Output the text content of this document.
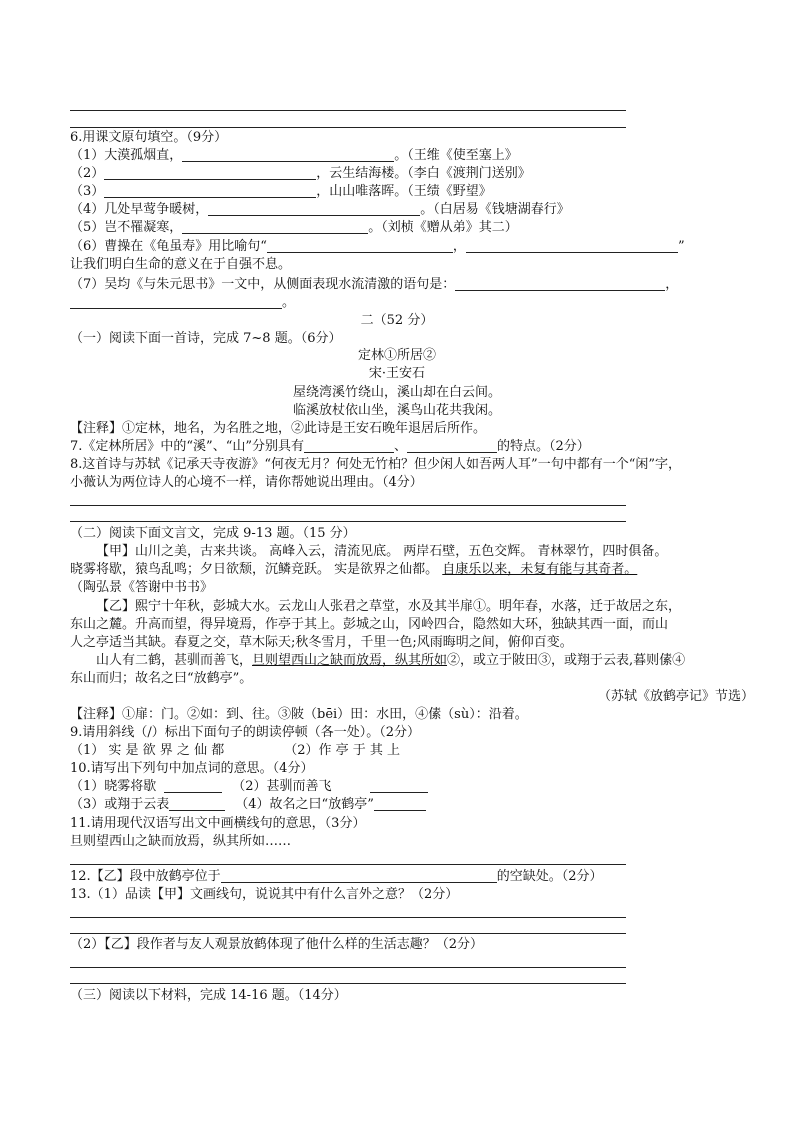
6.用课文原句填空。（9分）
（1）大漠孤烟直，	。（王维《使至塞上》
（2）	，云生结海楼。（李白《渡荆门送别》
（3）	，山山唯落晖。（王绩《野望》
（4）几处早莺争暖树，	。（白居易《钱塘湖春行》
（5）岂不罹凝寒，	。（刘桢《赠从弟》其二）
（6）曹操在《龟虽寿》用比喻句“	，	”
让我们明白生命的意义在于自强不息。
（7）吴均《与朱元思书》一文中，从侧面表现水流清激的语句是：	，
。
二（52 分）
（一）阅读下面一首诗，完成 7~8 题。（6分）
定林①所居②
宋·王安石
屋绕湾溪竹绕山，溪山却在白云间。
临溪放杖依山坐，溪鸟山花共我闲。
【注释】①定林，地名，为名胜之地，②此诗是王安石晚年退居后所作。
7.《定林所居》中的“溪”、“山”分别具有	、	的特点。（2分）
8.这首诗与苏轼《记承天寺夜游》“何夜无月？何处无竹柏？但少闲人如吾两人耳”一句中都有一个“闲”字，
小薇认为两位诗人的心境不一样，请你帮她说出理由。（4分）
（二）阅读下面文言文，完成 9-13 题。（15 分）
【甲】山川之美，古来共谈。 高峰入云，清流见底。 两岸石壁，五色交辉。 青林翠竹，四时俱备。
晓雾将歇，猿鸟乱鸣；夕日欲颓，沉鳞竞跃。 实是欲界之仙都。 自康乐以来，未复有能与其奇者。
（陶弘景《答谢中书书》
【乙】熙宁十年秋，彭城大水。云龙山人张君之草堂，水及其半扉①。明年春，水落，迁于故居之东，
东山之麓。升高而望，得异境焉，作亭于其上。彭城之山，冈岭四合，隐然如大环，独缺其西一面，而山
人之亭适当其缺。春夏之交，草木际天;秋冬雪月，千里一色;风雨晦明之间，俯仰百变。
山人有二鹤，甚驯而善飞，旦则望西山之缺而放焉，纵其所如②，或立于陂田③，或翔于云表,暮则傃④
东山而归；故名之曰“放鹤亭”。
（苏轼《放鹤亭记》节选）
【注释】①扉：门。②如：到、往。③陂（bēi）田：水田，④傃（sù）：沿着。
9.请用斜线（/）标出下面句子的朗读停顿（各一处）。（2分）
（1） 实 是 欲 界 之 仙 都	（2）作 亭 于 其 上
10.请写出下列句中加点词的意思。（4分）
（1）晓雾将歇	（2）甚驯而善飞
（3）或翔于云表	（4）故名之曰“放鹤亭”
11.请用现代汉语写出文中画横线句的意思，（3分）
旦则望西山之缺而放焉，纵其所如……
12.【乙】段中放鹤亭位于	的空缺处。（2分）
13.（1）品读【甲】文画线句，说说其中有什么言外之意？（2分）
（2）【乙】段作者与友人观景放鹤体现了他什么样的生活志趣？（2分）
（三）阅读以下材料，完成 14-16 题。（14分）
